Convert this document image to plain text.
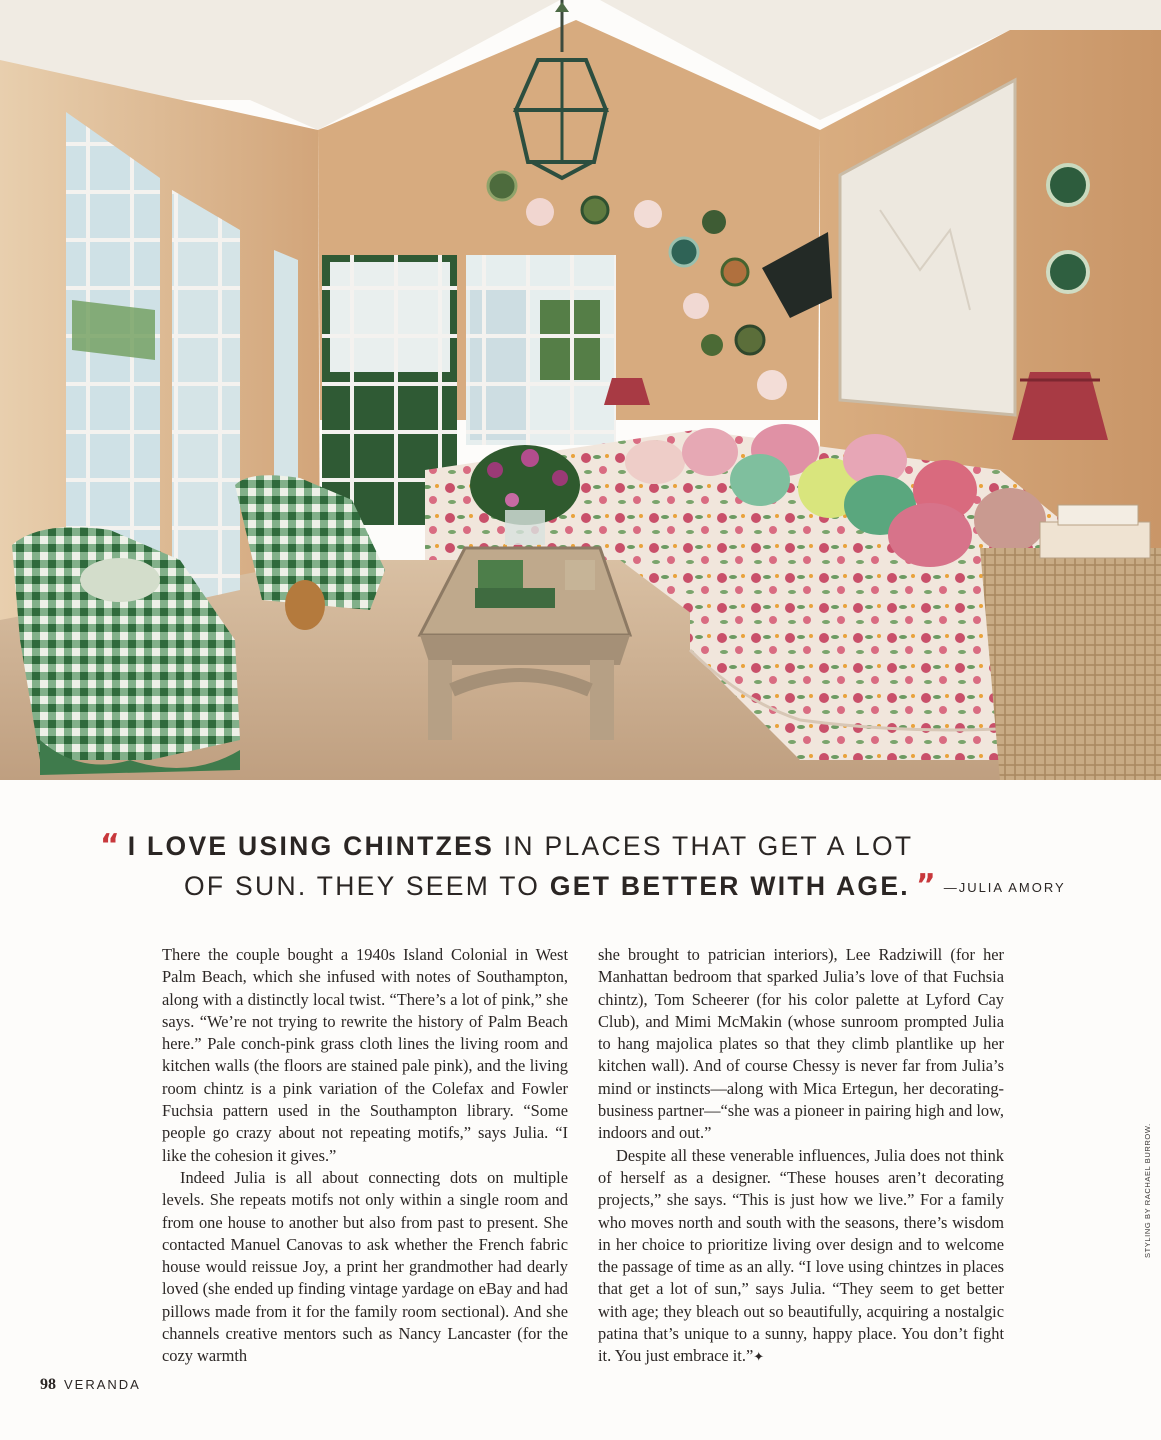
“ I LOVE USING CHINTZES IN PLACES THAT GET A LOT
OF SUN. THEY SEEM TO GET BETTER WITH AGE. ” —JULIA AMORY

There the couple bought a 1940s Island Colonial in West Palm Beach, which she infused with notes of Southampton, along with a distinctly local twist. “There’s a lot of pink,” she says. “We’re not trying to rewrite the history of Palm Beach here.” Pale conch-pink grass cloth lines the living room and kitchen walls (the floors are stained pale pink), and the living room chintz is a pink variation of the Colefax and Fowler Fuchsia pattern used in the Southampton library. “Some people go crazy about not repeating motifs,” says Julia. “I like the cohesion it gives.”

Indeed Julia is all about connecting dots on multiple levels. She repeats motifs not only within a single room and from one house to another but also from past to present. She contacted Manuel Canovas to ask whether the French fabric house would reissue Joy, a print her grandmother had dearly loved (she ended up finding vintage yardage on eBay and had pillows made from it for the family room sectional). And she channels creative mentors such as Nancy Lancaster (for the cozy warmth

she brought to patrician interiors), Lee Radziwill (for her Manhattan bedroom that sparked Julia’s love of that Fuchsia chintz), Tom Scheerer (for his color palette at Lyford Cay Club), and Mimi McMakin (whose sunroom prompted Julia to hang majolica plates so that they climb plantlike up her kitchen wall). And of course Chessy is never far from Julia’s mind or instincts—along with Mica Ertegun, her decorating-business partner—“she was a pioneer in pairing high and low, indoors and out.”

Despite all these venerable influences, Julia does not think of herself as a designer. “These houses aren’t decorating projects,” she says. “This is just how we live.” For a family who moves north and south with the seasons, there’s wisdom in her choice to prioritize living over design and to welcome the passage of time as an ally. “I love using chintzes in places that get a lot of sun,” says Julia. “They seem to get better with age; they bleach out so beautifully, acquiring a nostalgic patina that’s unique to a sunny, happy place. You don’t fight it. You just embrace it.”✦

98 VERANDA
STYLING BY RACHAEL BURROW.
